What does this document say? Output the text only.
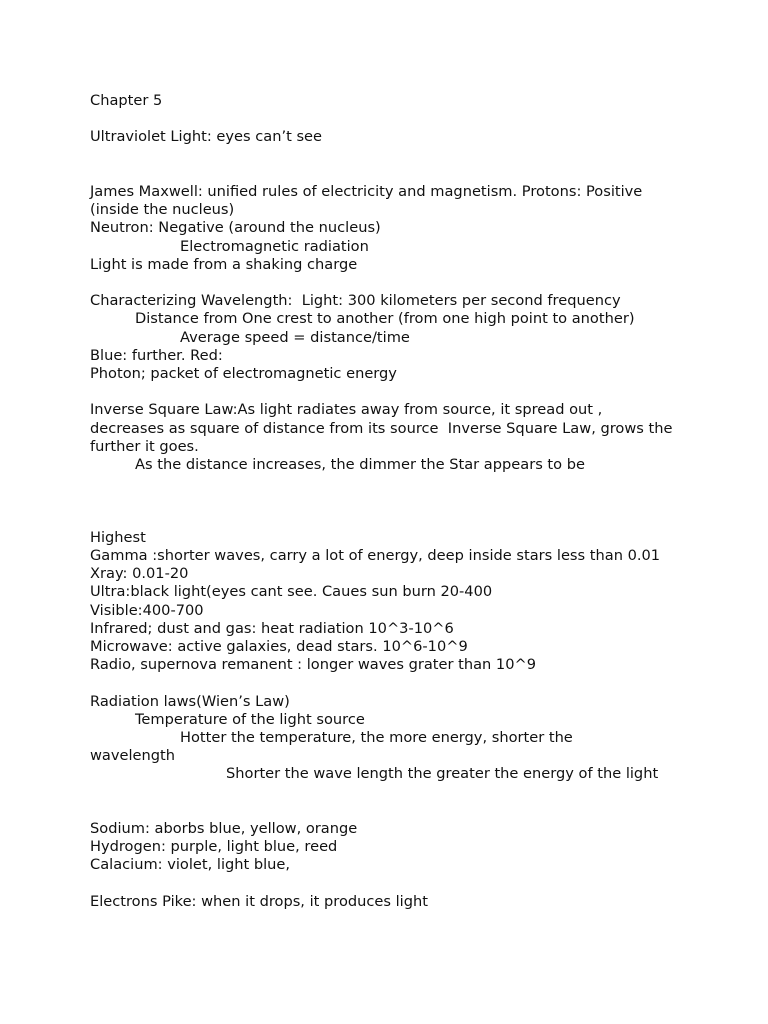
Chapter 5

Ultraviolet Light: eyes can’t see

James Maxwell: unified rules of electricity and magnetism. Protons: Positive (inside the nucleus)

Neutron: Negative (around the nucleus)

Electromagnetic radiation

Light is made from a shaking charge

Characterizing Wavelength:  Light: 300 kilometers per second frequency

Distance from One crest to another (from one high point to another)

Average speed = distance/time

Blue: further. Red:

Photon; packet of electromagnetic energy

Inverse Square Law:As light radiates away from source, it spread out , decreases as square of distance from its source  Inverse Square Law, grows the further it goes.

As the distance increases, the dimmer the Star appears to be

Highest

Gamma :shorter waves, carry a lot of energy, deep inside stars less than 0.01

Xray: 0.01-20

Ultra:black light(eyes cant see. Caues sun burn 20-400

Visible:400-700

Infrared; dust and gas: heat radiation 10^3-10^6

Microwave: active galaxies, dead stars. 10^6-10^9

Radio, supernova remanent : longer waves grater than 10^9

Radiation laws(Wien’s Law)

Temperature of the light source

Hotter the temperature, the more energy, shorter the

wavelength

Shorter the wave length the greater the energy of the light

Sodium: aborbs blue, yellow, orange

Hydrogen: purple, light blue, reed

Calacium: violet, light blue,

Electrons Pike: when it drops, it produces light
